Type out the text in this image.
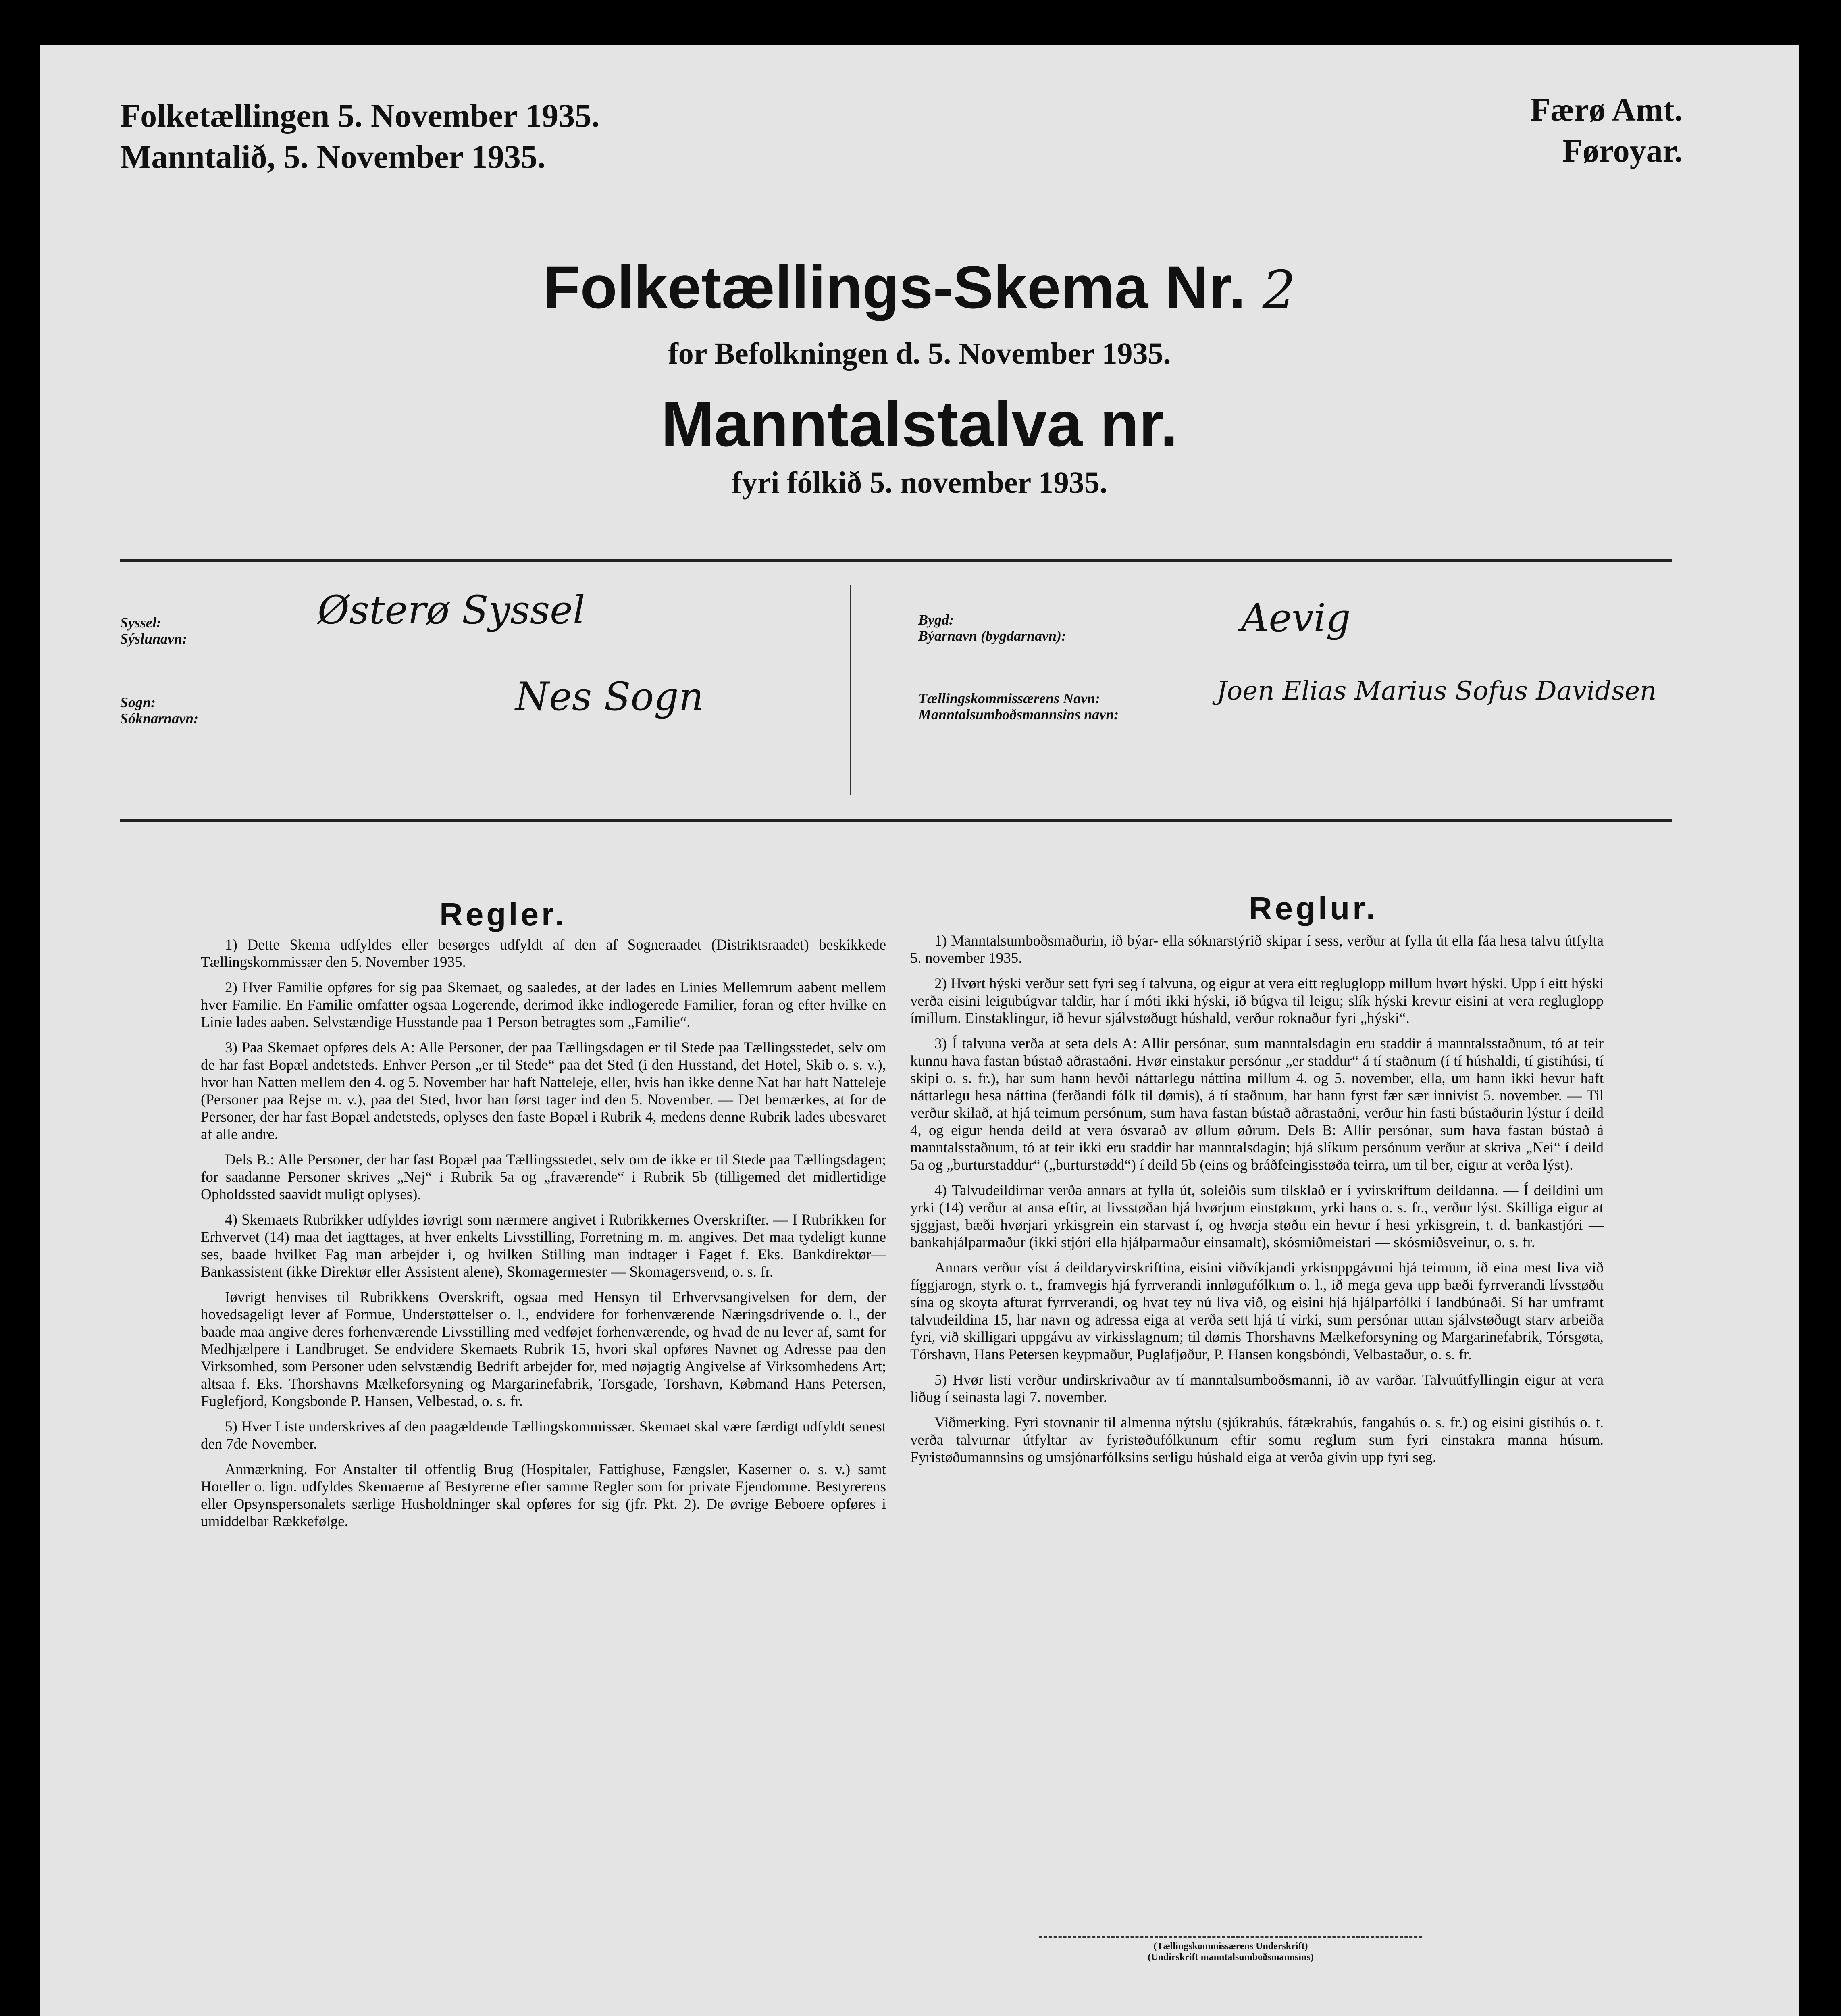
Folketællingen 5. November 1935.
Manntalið, 5. November 1935.
Færø Amt.
Føroyar.
Folketællings-Skema Nr. 2
for Befolkningen d. 5. November 1935.
Manntalstalva nr.
fyri fólkið 5. november 1935.
Syssel:
Sýslunavn:
Østerø Syssel
Sogn:
Sóknarnavn:	Nes Sogn
Bygd:
Býarnavn (bygdarnavn):	Aevig
Tællingskommissærens Navn:
Manntalsumboðsmannsins navn:
Joen Elias Marius Sofus Davidsen
Regler.

1) Dette Skema udfyldes eller besørges udfyldt af den af Sogneraadet (Distriktsraadet) beskikkede Tællingskommissær den 5. November 1935.

2) Hver Familie opføres for sig paa Skemaet, og saaledes, at der lades en Linies Mellemrum aabent mellem hver Familie. En Familie omfatter ogsaa Logerende, derimod ikke indlogerede Familier, foran og efter hvilke en Linie lades aaben. Selvstændige Husstande paa 1 Person betragtes som „Familie“.

3) Paa Skemaet opføres dels A: Alle Personer, der paa Tællingsdagen er til Stede paa Tællingsstedet, selv om de har fast Bopæl andetsteds. Enhver Person „er til Stede“ paa det Sted (i den Husstand, det Hotel, Skib o. s. v.), hvor han Natten mellem den 4. og 5. November har haft Natteleje, eller, hvis han ikke denne Nat har haft Natteleje (Personer paa Rejse m. v.), paa det Sted, hvor han først tager ind den 5. November. — Det bemærkes, at for de Personer, der har fast Bopæl andetsteds, oplyses den faste Bopæl i Rubrik 4, medens denne Rubrik lades ubesvaret af alle andre.

Dels B.: Alle Personer, der har fast Bopæl paa Tællingsstedet, selv om de ikke er til Stede paa Tællingsdagen; for saadanne Personer skrives „Nej“ i Rubrik 5a og „fraværende“ i Rubrik 5b (tilligemed det midlertidige Opholdssted saavidt muligt oplyses).

4) Skemaets Rubrikker udfyldes iøvrigt som nærmere angivet i Rubrikkernes Overskrifter. — I Rubrikken for Erhvervet (14) maa det iagttages, at hver enkelts Livsstilling, Forretning m. m. angives. Det maa tydeligt kunne ses, baade hvilket Fag man arbejder i, og hvilken Stilling man indtager i Faget f. Eks. Bankdirektør—Bankassistent (ikke Direktør eller Assistent alene), Skomagermester — Skomagersvend, o. s. fr.

Iøvrigt henvises til Rubrikkens Overskrift, ogsaa med Hensyn til Erhvervsangivelsen for dem, der hovedsageligt lever af Formue, Understøttelser o. l., endvidere for forhenværende Næringsdrivende o. l., der baade maa angive deres forhenværende Livsstilling med vedføjet forhenværende, og hvad de nu lever af, samt for Medhjælpere i Landbruget. Se endvidere Skemaets Rubrik 15, hvori skal opføres Navnet og Adresse paa den Virksomhed, som Personer uden selvstændig Bedrift arbejder for, med nøjagtig Angivelse af Virksomhedens Art; altsaa f. Eks. Thorshavns Mælkeforsyning og Margarinefabrik, Torsgade, Torshavn, Købmand Hans Petersen, Fuglefjord, Kongsbonde P. Hansen, Velbestad, o. s. fr.

5) Hver Liste underskrives af den paagældende Tællingskommissær. Skemaet skal være færdigt udfyldt senest den 7de November.

Anmærkning. For Anstalter til offentlig Brug (Hospitaler, Fattighuse, Fængsler, Kaserner o. s. v.) samt Hoteller o. lign. udfyldes Skemaerne af Bestyrerne efter samme Regler som for private Ejendomme. Bestyrerens eller Opsynspersonalets særlige Husholdninger skal opføres for sig (jfr. Pkt. 2). De øvrige Beboere opføres i umiddelbar Rækkefølge.

Reglur.

1) Manntalsumboðsmaðurin, ið býar- ella sóknarstýrið skipar í sess, verður at fylla út ella fáa hesa talvu útfylta 5. november 1935.

2) Hvørt hýski verður sett fyri seg í talvuna, og eigur at vera eitt regluglopp millum hvørt hýski. Upp í eitt hýski verða eisini leigubúgvar taldir, har í móti ikki hýski, ið búgva til leigu; slík hýski krevur eisini at vera regluglopp ímillum. Einstaklingur, ið hevur sjálvstøðugt húshald, verður roknaður fyri „hýski“.

3) Í talvuna verða at seta dels A: Allir persónar, sum manntalsdagin eru staddir á manntalsstaðnum, tó at teir kunnu hava fastan bústað aðrastaðni. Hvør einstakur persónur „er staddur“ á tí staðnum (í tí húshaldi, tí gistihúsi, tí skipi o. s. fr.), har sum hann hevði náttarlegu náttina millum 4. og 5. november, ella, um hann ikki hevur haft náttarlegu hesa náttina (ferðandi fólk til dømis), á tí staðnum, har hann fyrst fær sær innivist 5. november. — Til verður skilað, at hjá teimum persónum, sum hava fastan bústað aðrastaðni, verður hin fasti bústaðurin lýstur í deild 4, og eigur henda deild at vera ósvarað av øllum øðrum. Dels B: Allir persónar, sum hava fastan bústað á manntalsstaðnum, tó at teir ikki eru staddir har manntalsdagin; hjá slíkum persónum verður at skriva „Nei“ í deild 5a og „burturstaddur“ („burturstødd“) í deild 5b (eins og bráðfeingisstøða teirra, um til ber, eigur at verða lýst).

4) Talvudeildirnar verða annars at fylla út, soleiðis sum tilsklað er í yvirskriftum deildanna. — Í deildini um yrki (14) verður at ansa eftir, at livsstøðan hjá hvørjum einstøkum, yrki hans o. s. fr., verður lýst. Skilliga eigur at sjggjast, bæði hvørjari yrkisgrein ein starvast í, og hvørja støðu ein hevur í hesi yrkisgrein, t. d. bankastjóri — bankahjálparmaður (ikki stjóri ella hjálparmaður einsamalt), skósmiðmeistari — skósmiðsveinur, o. s. fr.

Annars verður víst á deildaryvirskriftina, eisini viðvíkjandi yrkisuppgávuni hjá teimum, ið eina mest liva við fíggjarogn, styrk o. t., framvegis hjá fyrrverandi innløgufólkum o. l., ið mega geva upp bæði fyrrverandi lívsstøðu sína og skoyta afturat fyrrverandi, og hvat tey nú liva við, og eisini hjá hjálparfólki í landbúnaði. Sí har umframt talvudeildina 15, har navn og adressa eiga at verða sett hjá tí virki, sum persónar uttan sjálvstøðugt starv arbeiða fyri, við skilligari uppgávu av virkisslagnum; til dømis Thorshavns Mælkeforsyning og Margarinefabrik, Tórsgøta, Tórshavn, Hans Petersen keypmaður, Puglafjøður, P. Hansen kongsbóndi, Velbastaður, o. s. fr.

5) Hvør listi verður undirskrivaður av tí manntalsumboðsmanni, ið av varðar. Talvuútfyllingin eigur at vera liðug í seinasta lagi 7. november.

Viðmerking. Fyri stovnanir til almenna nýtslu (sjúkrahús, fátækrahús, fangahús o. s. fr.) og eisini gistihús o. t. verða talvurnar útfyltar av fyristøðufólkunum eftir somu reglum sum fyri einstakra manna húsum. Fyristøðumannsins og umsjónarfólksins serligu húshald eiga at verða givin upp fyri seg.

(Tællingskommissærens Underskrift)
(Undirskrift manntalsumboðsmannsins)
